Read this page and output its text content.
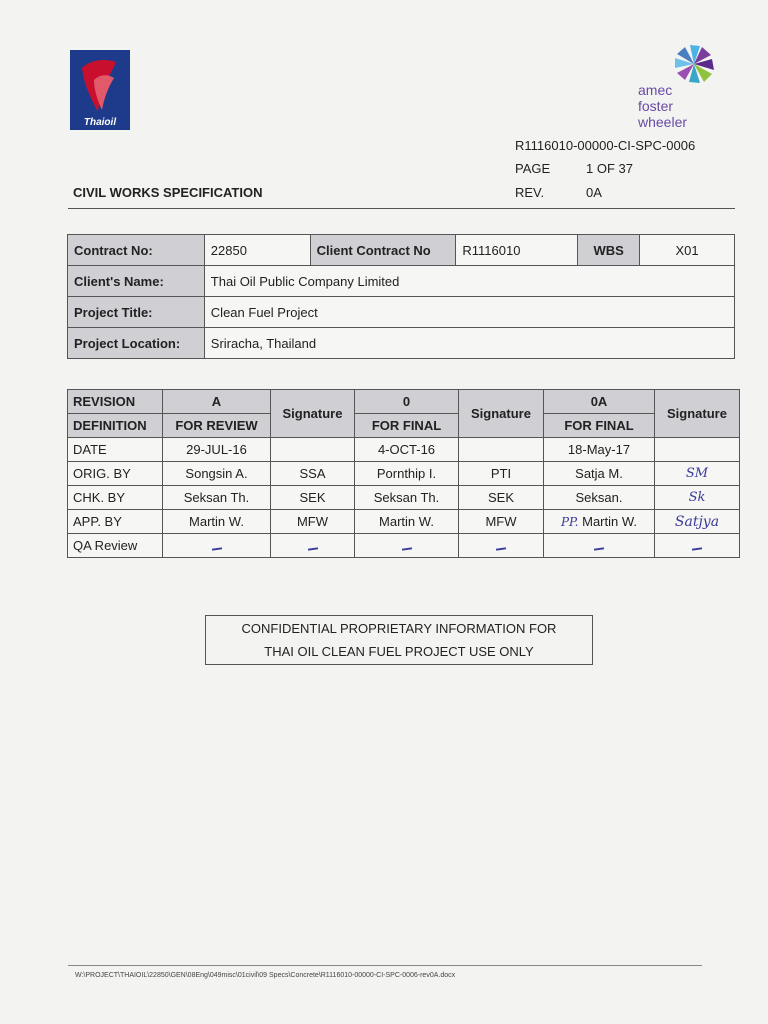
Thaioil
amec
foster
wheeler
R1116010-00000-CI-SPC-0006
PAGE	1 OF 37
REV.	0A
CIVIL WORKS SPECIFICATION
Contract No:	22850	Client Contract No	R1116010	WBS	X01
Client's Name:	Thai Oil Public Company Limited				
Project Title:	Clean Fuel Project				
Project Location:	Sriracha, Thailand				
REVISION	A	Signature	0	Signature	0A	Signature
DEFINITION	FOR REVIEW		FOR FINAL		FOR FINAL	
DATE	29-JUL-16		4-OCT-16		18-May-17	
ORIG. BY	Songsin A.	SSA	Pornthip I.	PTI	Satja M.	SM
CHK. BY	Seksan Th.	SEK	Seksan Th.	SEK	Seksan.	Sk
APP. BY	Martin W.	MFW	Martin W.	MFW	PP. Martin W.	Satjya
QA Review						
CONFIDENTIAL PROPRIETARY INFORMATION FOR
THAI OIL CLEAN FUEL PROJECT USE ONLY
W:\PROJECT\THAIOIL\22850\GEN\08Eng\049misc\01civil\09 Specs\Concrete\R1116010-00000-CI-SPC-0006-rev0A.docx
